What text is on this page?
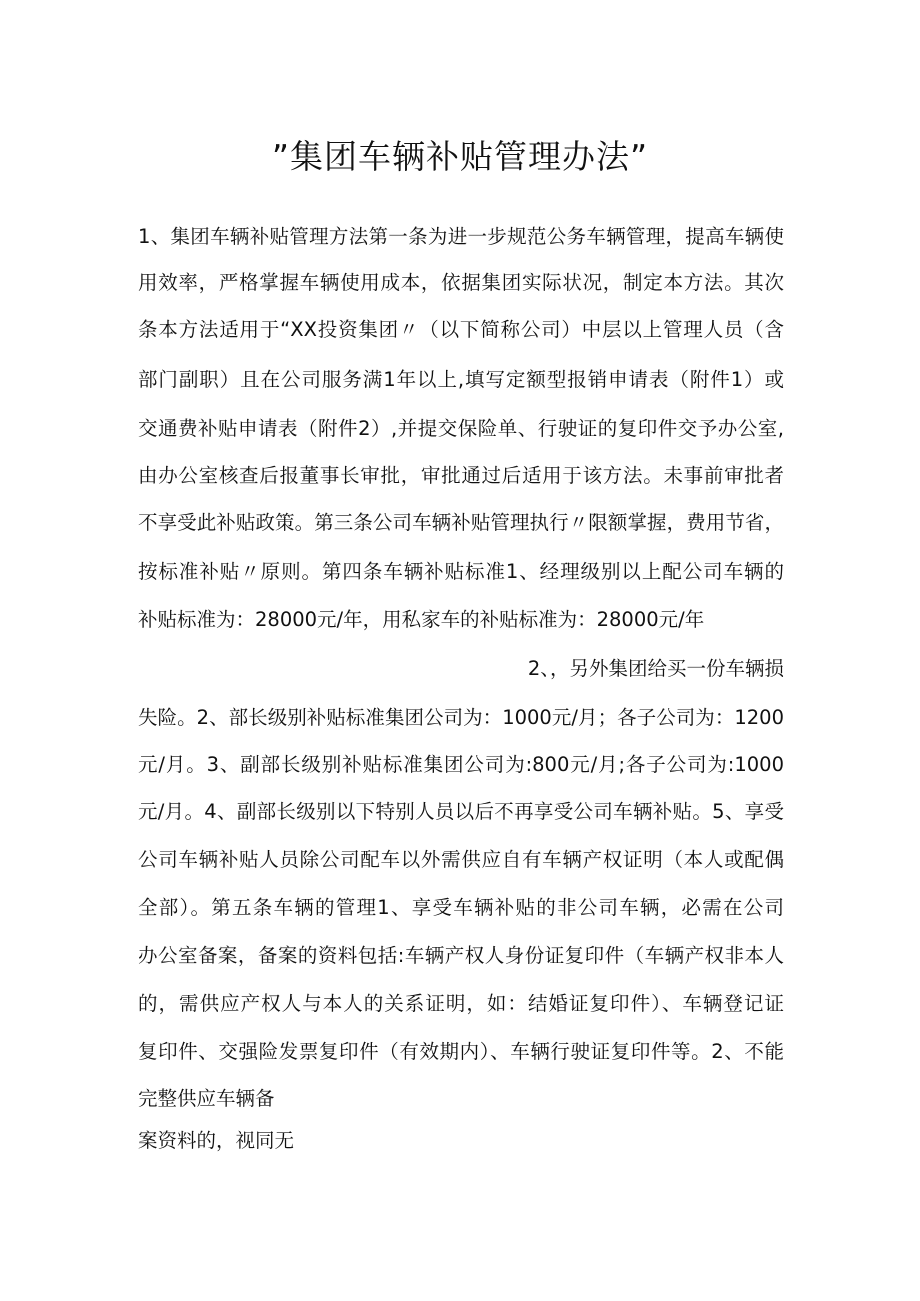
”集团车辆补贴管理办法”
1、集团车辆补贴管理方法第一条为进一步规范公务车辆管理，提高车辆使
用效率，严格掌握车辆使用成本，依据集团实际状况，制定本方法。其次
条本方法适用于“XX投资集团〃（以下简称公司）中层以上管理人员（含
部门副职）且在公司服务满1年以上,填写定额型报销申请表（附件1）或
交通费补贴申请表（附件2）,并提交保险单、行驶证的复印件交予办公室,
由办公室核查后报董事长审批，审批通过后适用于该方法。未事前审批者
不享受此补贴政策。第三条公司车辆补贴管理执行〃限额掌握，费用节省，
按标准补贴〃原则。第四条车辆补贴标准1、经理级别以上配公司车辆的
补贴标准为：28000元/年，用私家车的补贴标准为：28000元/年
2、，另外集团给买一份车辆损
失险。2、部长级别补贴标准集团公司为：1000元/月；各子公司为：1200
元/月。3、副部长级别补贴标准集团公司为:800元/月;各子公司为:1000
元/月。4、副部长级别以下特别人员以后不再享受公司车辆补贴。5、享受
公司车辆补贴人员除公司配车以外需供应自有车辆产权证明（本人或配偶
全部）。第五条车辆的管理1、享受车辆补贴的非公司车辆，必需在公司
办公室备案，备案的资料包括:车辆产权人身份证复印件（车辆产权非本人
的，需供应产权人与本人的关系证明，如：结婚证复印件）、车辆登记证
复印件、交强险发票复印件（有效期内）、车辆行驶证复印件等。2、不能
完整供应车辆备
案资料的，视同无
